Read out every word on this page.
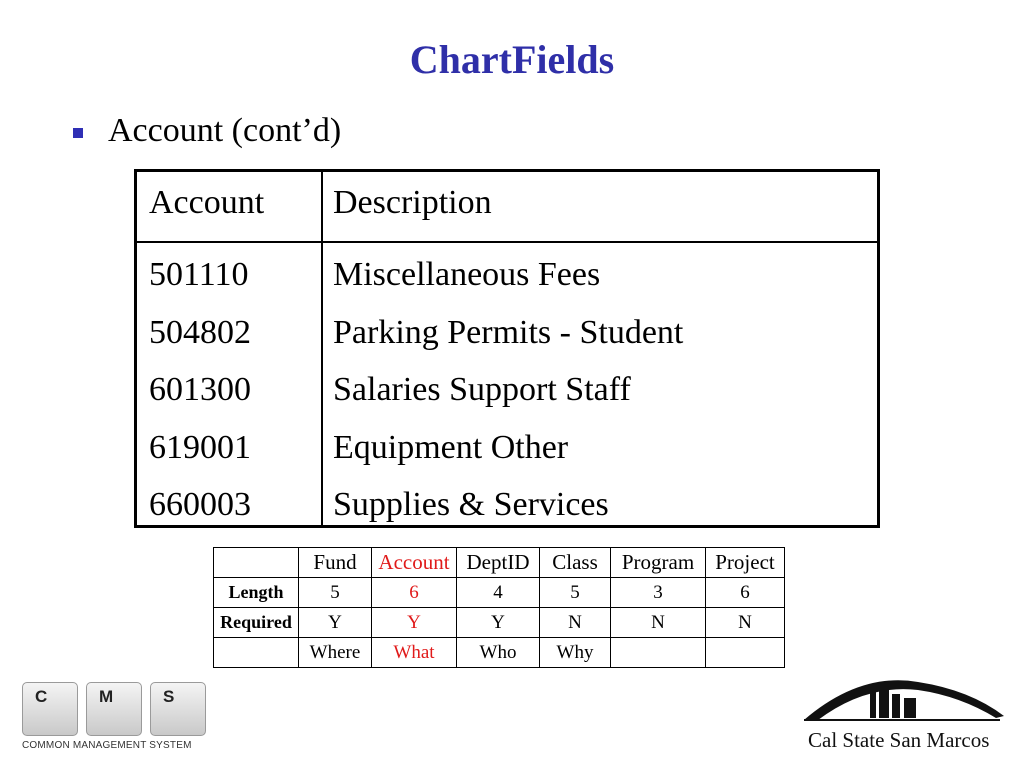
ChartFields
Account (cont’d)
Account Description
501110 Miscellaneous Fees
504802 Parking Permits - Student
601300 Salaries Support Staff
619001 Equipment Other
660003 Supplies & Services
	Fund	Account	DeptID	Class	Program	Project
Length	5	6	4	5	3	6
Required	Y	Y	Y	N	N	N
	Where	What	Who	Why		
C	M	S
COMMON MANAGEMENT SYSTEM	Cal State San Marcos
